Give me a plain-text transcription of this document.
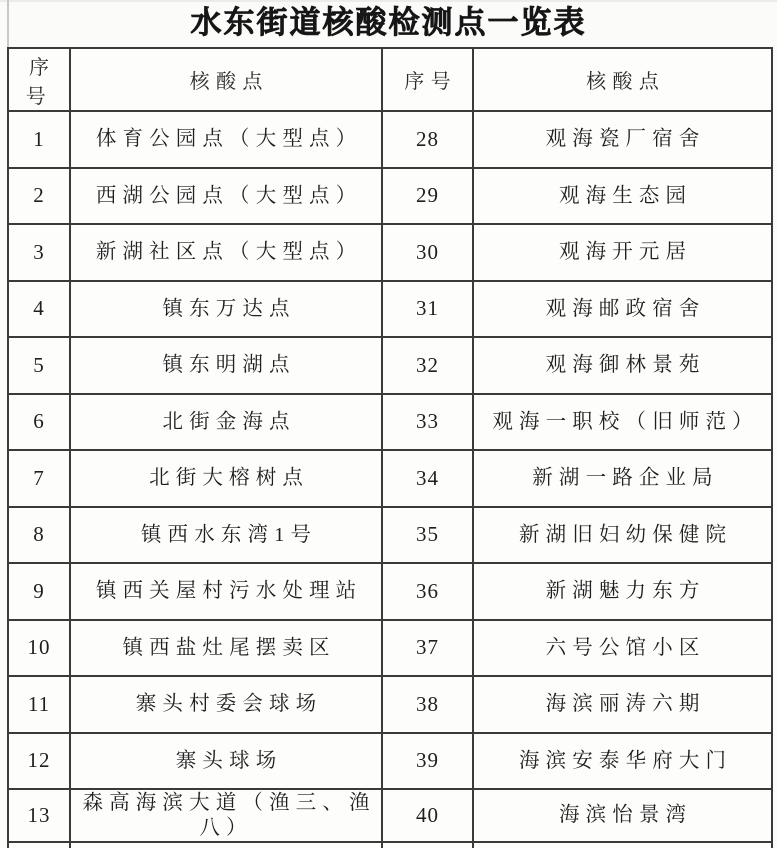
水东街道核酸检测点一览表
序号	核酸点	序号	核酸点
1	体育公园点（大型点）	28	观海瓷厂宿舍
2	西湖公园点（大型点）	29	观海生态园
3	新湖社区点（大型点）	30	观海开元居
4	镇东万达点	31	观海邮政宿舍
5	镇东明湖点	32	观海御林景苑
6	北街金海点	33	观海一职校（旧师范）
7	北街大榕树点	34	新湖一路企业局
8	镇西水东湾1号	35	新湖旧妇幼保健院
9	镇西关屋村污水处理站	36	新湖魅力东方
10	镇西盐灶尾摆卖区	37	六号公馆小区
11	寨头村委会球场	38	海滨丽涛六期
12	寨头球场	39	海滨安泰华府大门
13	森高海滨大道（渔三、渔八）	40	海滨怡景湾
